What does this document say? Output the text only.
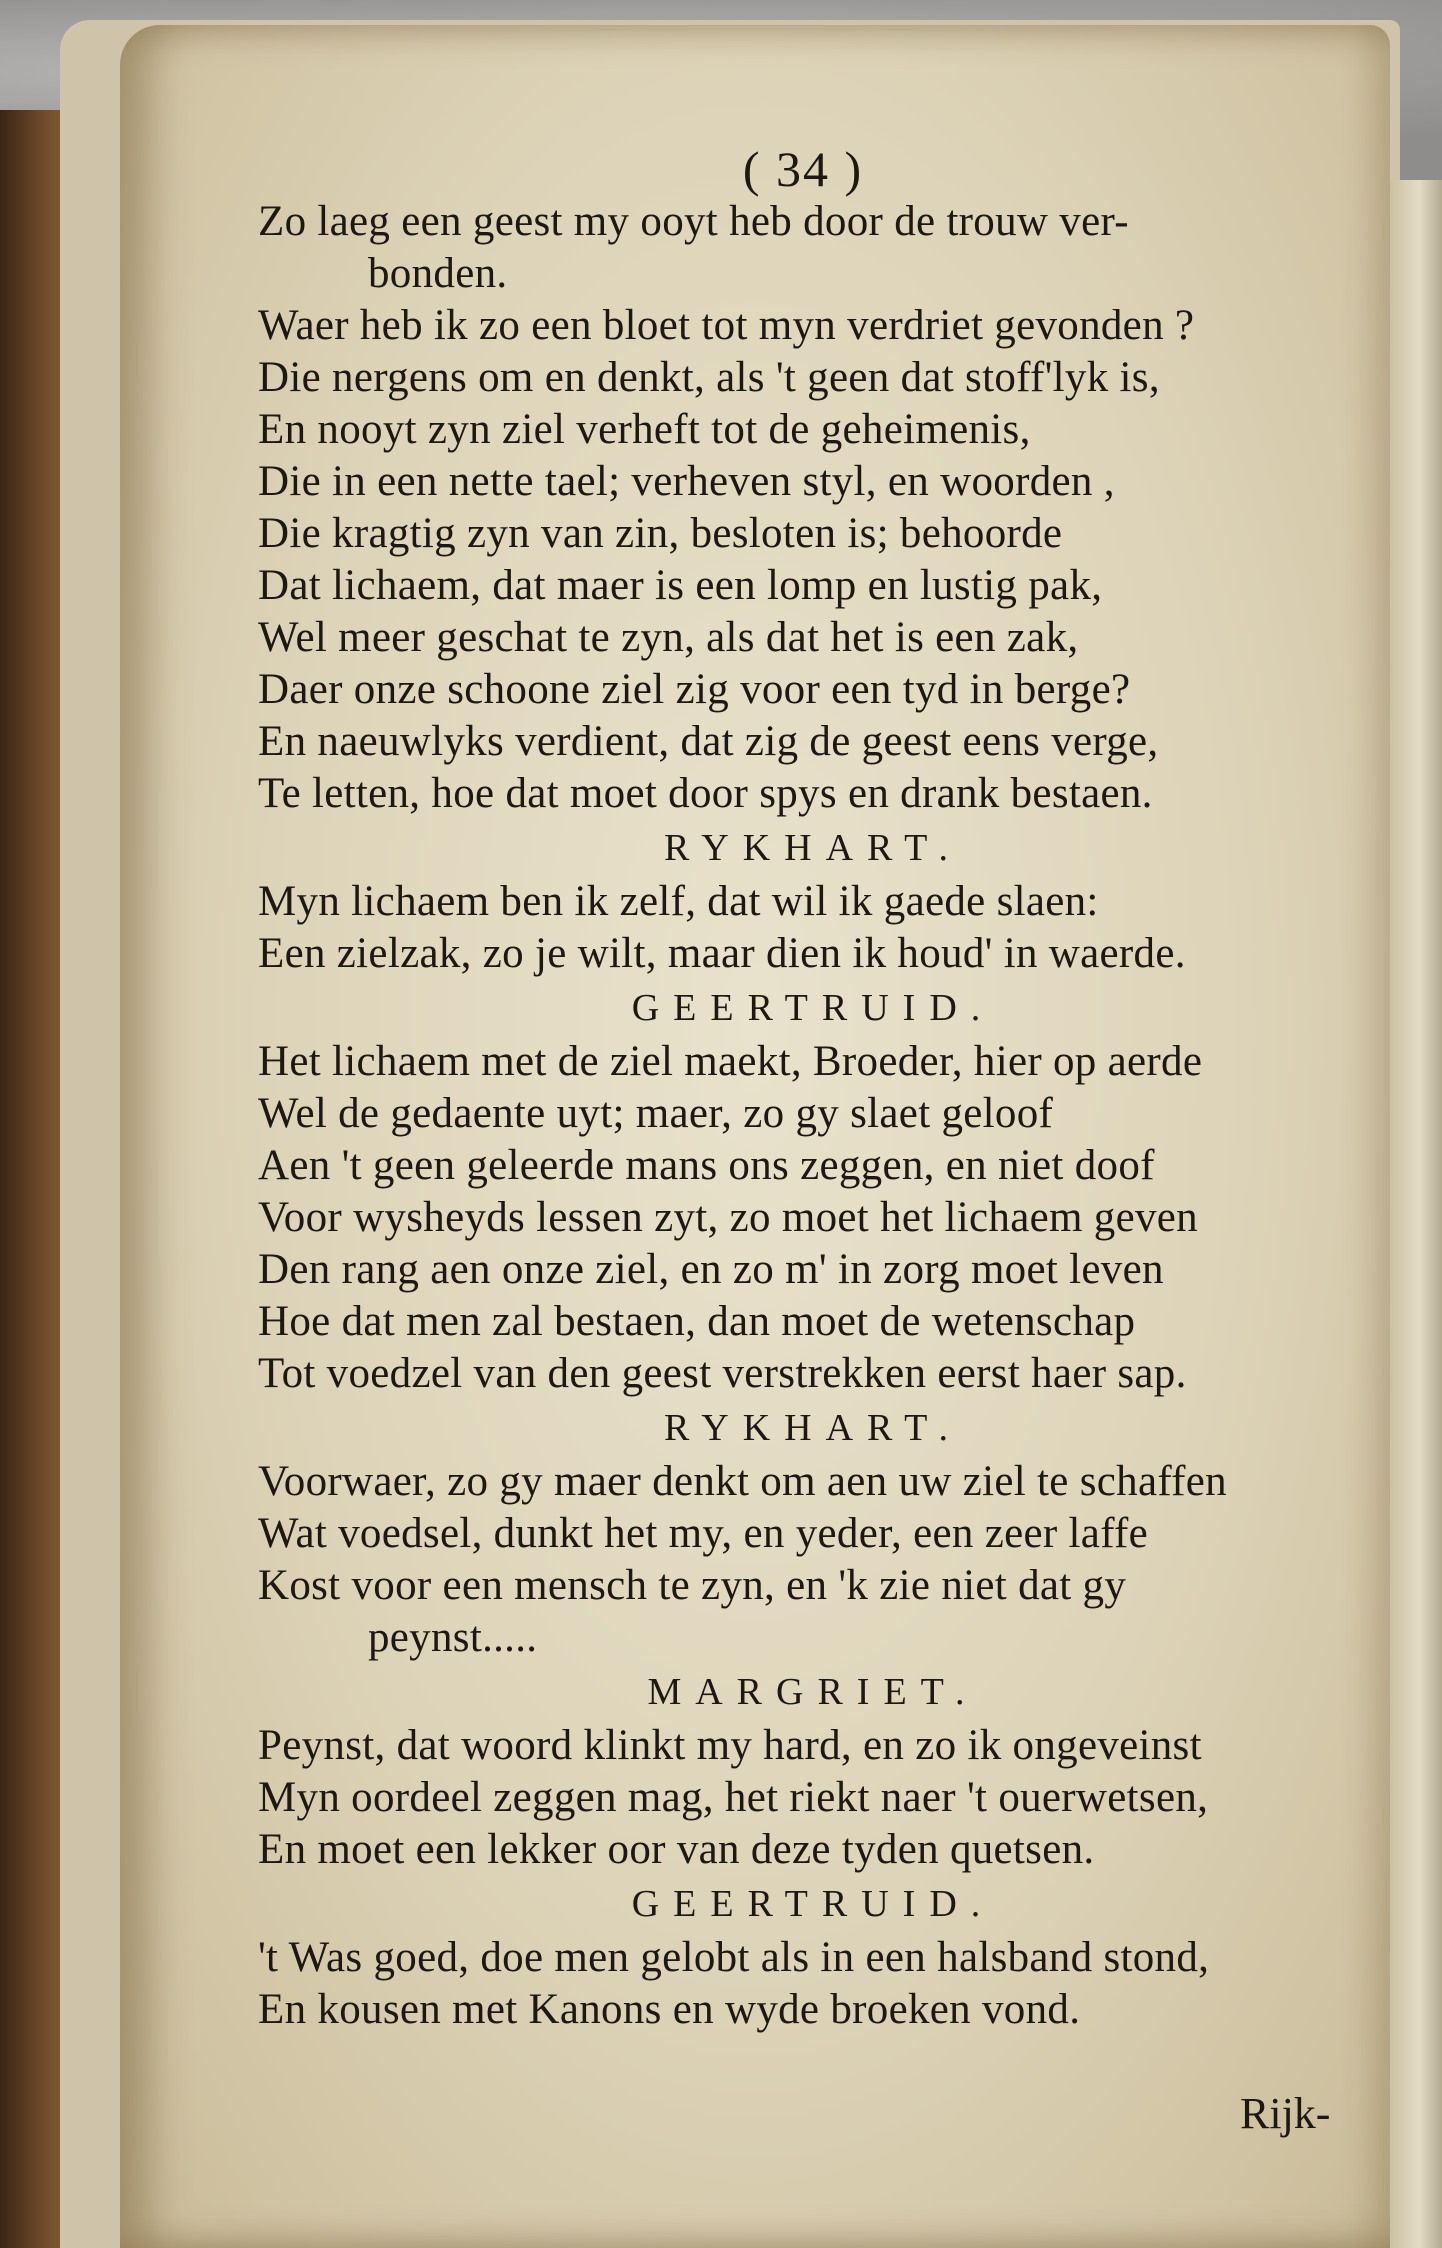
( 34 )

Zo laeg een geest my ooyt heb door de trouw ver-

bonden.

Waer heb ik zo een bloet tot myn verdriet gevonden ?

Die nergens om en denkt, als 't geen dat stoff'lyk is,

En nooyt zyn ziel verheft tot de geheimenis,

Die in een nette tael; verheven styl, en woorden ,

Die kragtig zyn van zin, besloten is; behoorde

Dat lichaem, dat maer is een lomp en lustig pak,

Wel meer geschat te zyn, als dat het is een zak,

Daer onze schoone ziel zig voor een tyd in berge?

En naeuwlyks verdient, dat zig de geest eens verge,

Te letten, hoe dat moet door spys en drank bestaen.

RYKHART.

Myn lichaem ben ik zelf, dat wil ik gaede slaen:

Een zielzak, zo je wilt, maar dien ik houd' in waerde.

GEERTRUID.

Het lichaem met de ziel maekt, Broeder, hier op aerde

Wel de gedaente uyt; maer, zo gy slaet geloof

Aen 't geen geleerde mans ons zeggen, en niet doof

Voor wysheyds lessen zyt, zo moet het lichaem geven

Den rang aen onze ziel, en zo m' in zorg moet leven

Hoe dat men zal bestaen, dan moet de wetenschap

Tot voedzel van den geest verstrekken eerst haer sap.

RYKHART.

Voorwaer, zo gy maer denkt om aen uw ziel te schaffen

Wat voedsel, dunkt het my, en yeder, een zeer laffe

Kost voor een mensch te zyn, en 'k zie niet dat gy

peynst.....

MARGRIET.

Peynst, dat woord klinkt my hard, en zo ik ongeveinst

Myn oordeel zeggen mag, het riekt naer 't ouerwetsen,

En moet een lekker oor van deze tyden quetsen.

GEERTRUID.

't Was goed, doe men gelobt als in een halsband stond,

En kousen met Kanons en wyde broeken vond.

Rijk-
